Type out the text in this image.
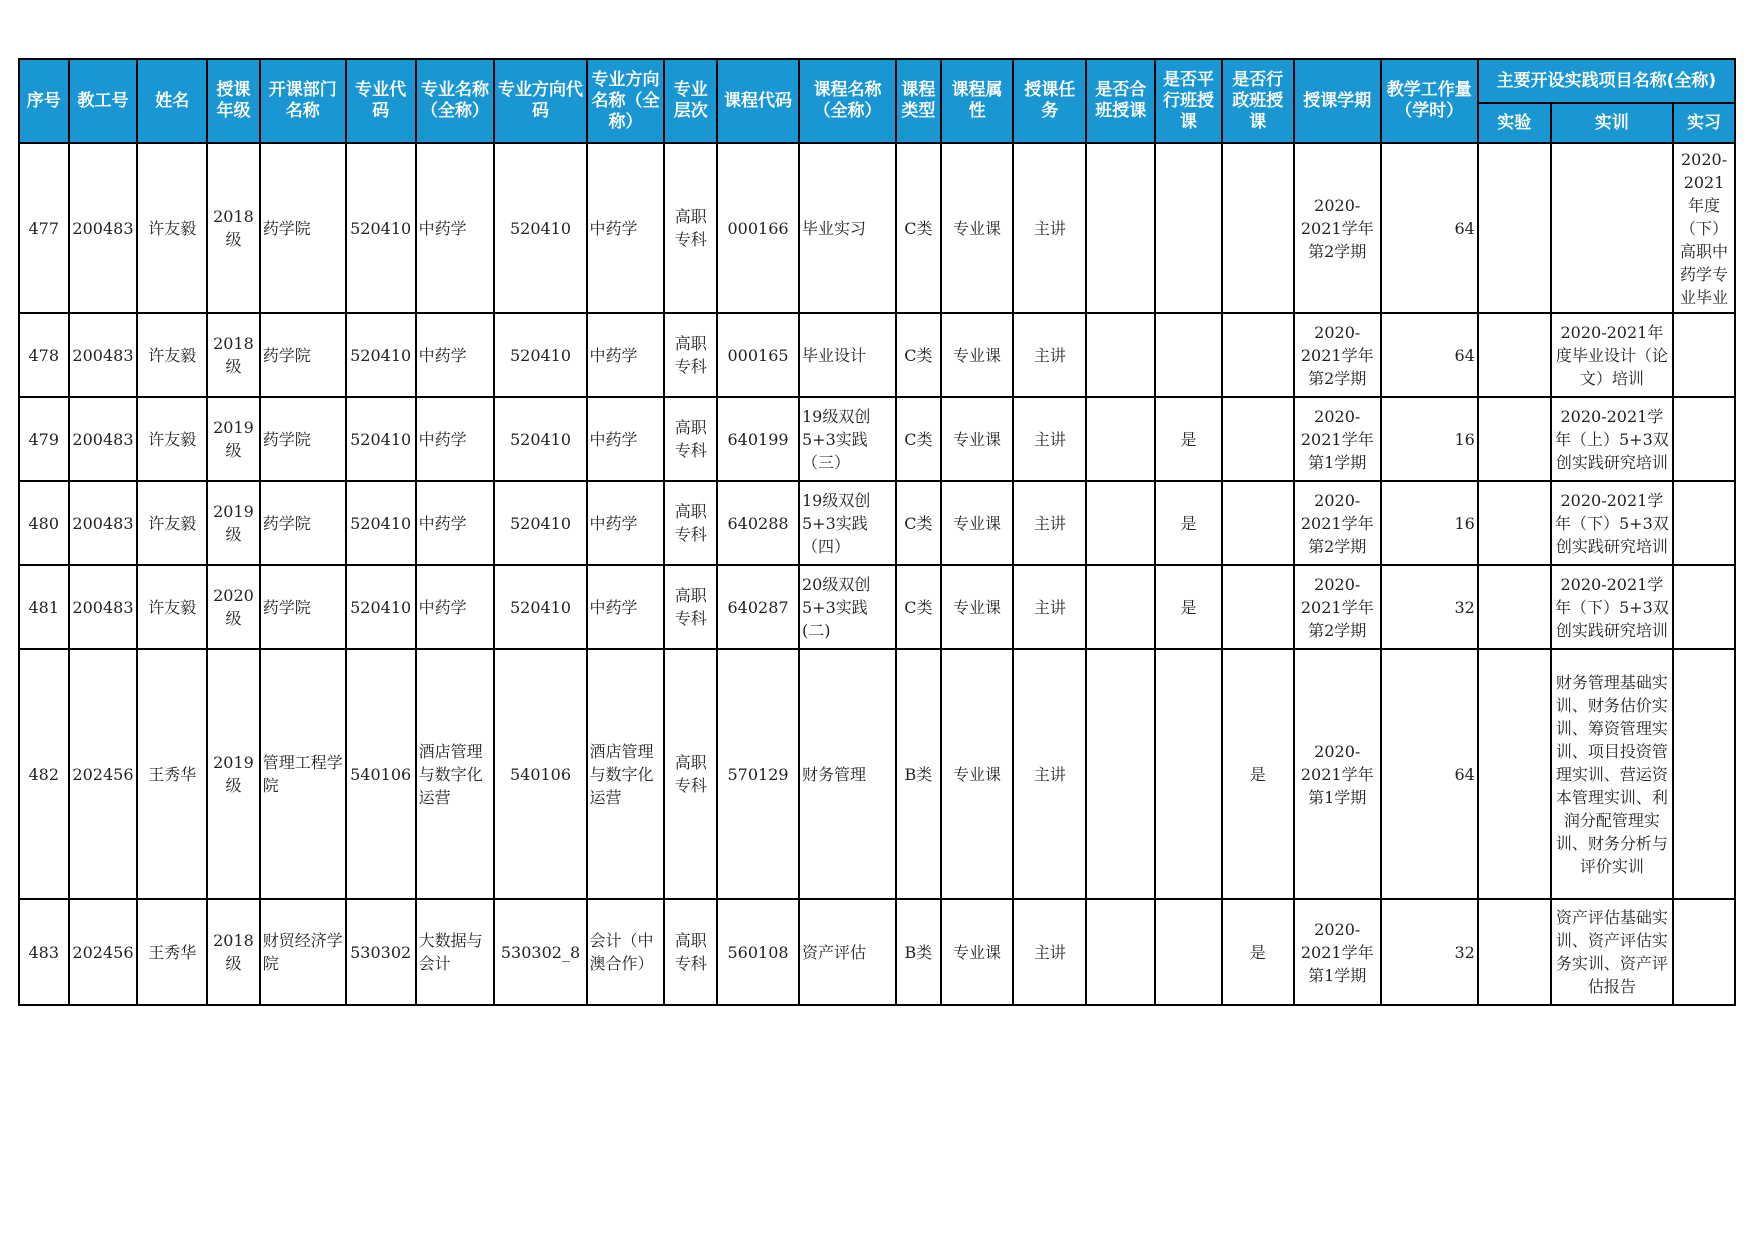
序号	教工号	姓名	授课年级	开课部门名称	专业代码	专业名称（全称）	专业方向代码	专业方向名称（全称）	专业层次	课程代码	课程名称（全称）	课程类型	课程属性	授课任务	是否合班授课	是否平行班授课	是否行政班授课	授课学期	教学工作量（学时）	主要开设实践项目名称(全称)		
																				实验	实训	实习

477	200483	许友毅	2018级	药学院	520410	中药学	520410	中药学	高职专科	000166	毕业实习	C类	专业课	主讲				2020-2021学年第2学期	64			2020-2021年度（下）高职中药学专业毕业

478	200483	许友毅	2018级	药学院	520410	中药学	520410	中药学	高职专科	000165	毕业设计	C类	专业课	主讲				2020-2021学年第2学期	64		2020-2021年度毕业设计（论文）培训	

479	200483	许友毅	2019级	药学院	520410	中药学	520410	中药学	高职专科	640199	19级双创5+3实践（三）	C类	专业课	主讲		是		2020-2021学年第1学期	16		2020-2021学年（上）5+3双创实践研究培训	

480	200483	许友毅	2019级	药学院	520410	中药学	520410	中药学	高职专科	640288	19级双创5+3实践（四）	C类	专业课	主讲		是		2020-2021学年第2学期	16		2020-2021学年（下）5+3双创实践研究培训	

481	200483	许友毅	2020级	药学院	520410	中药学	520410	中药学	高职专科	640287	20级双创5+3实践(二)	C类	专业课	主讲		是		2020-2021学年第2学期	32		2020-2021学年（下）5+3双创实践研究培训	

482	202456	王秀华	2019级	管理工程学院	540106	酒店管理与数字化运营	540106	酒店管理与数字化运营	高职专科	570129	财务管理	B类	专业课	主讲			是	2020-2021学年第1学期	64		财务管理基础实训、财务估价实训、筹资管理实训、项目投资管理实训、营运资本管理实训、利润分配管理实训、财务分析与评价实训	

483	202456	王秀华	2018级	财贸经济学院	530302	大数据与会计	530302_8	会计（中澳合作）	高职专科	560108	资产评估	B类	专业课	主讲			是	2020-2021学年第1学期	32		资产评估基础实训、资产评估实务实训、资产评估报告	
